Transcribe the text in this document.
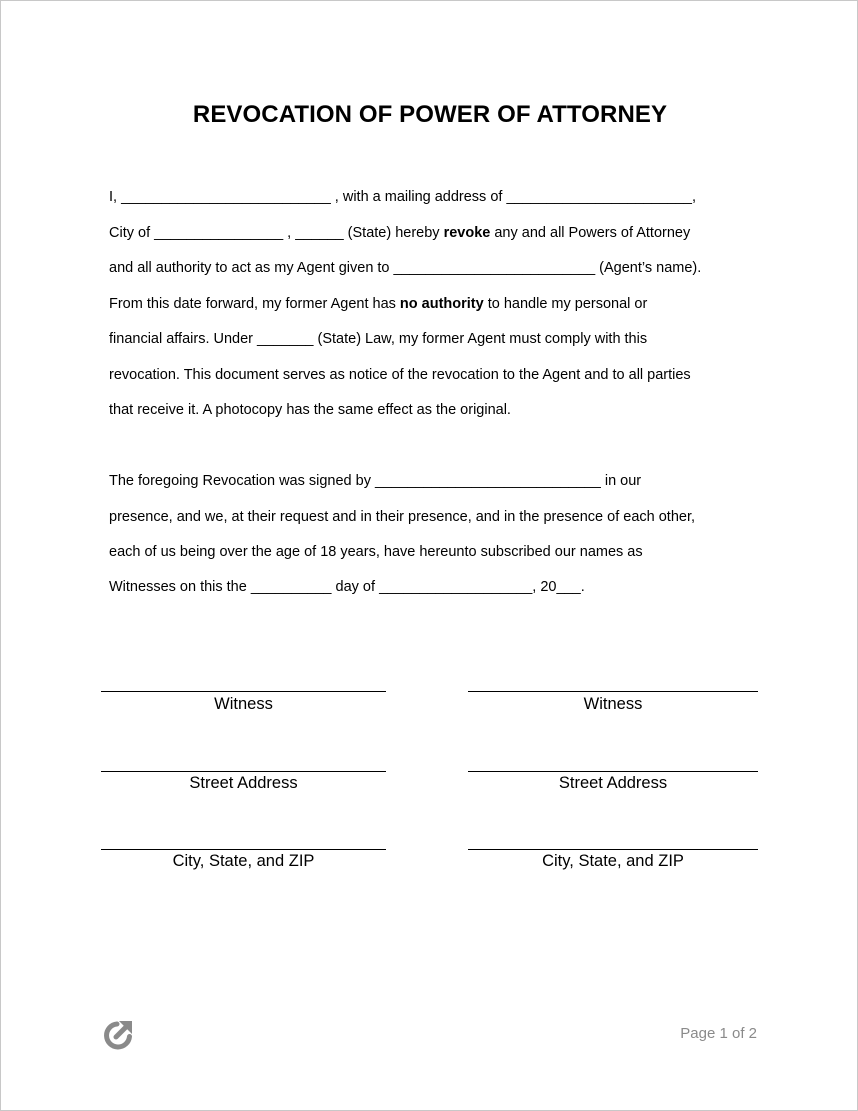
REVOCATION OF POWER OF ATTORNEY
I, __________________________ , with a mailing address of _______________________,
City of ________________ , ______ (State) hereby revoke any and all Powers of Attorney
and all authority to act as my Agent given to _________________________ (Agent’s name).
From this date forward, my former Agent has no authority to handle my personal or
financial affairs. Under _______ (State) Law, my former Agent must comply with this
revocation. This document serves as notice of the revocation to the Agent and to all parties
that receive it. A photocopy has the same effect as the original.
The foregoing Revocation was signed by ____________________________ in our
presence, and we, at their request and in their presence, and in the presence of each other,
each of us being over the age of 18 years, have hereunto subscribed our names as
Witnesses on this the __________ day of ___________________, 20___.
Witness
Street Address
City, State, and ZIP
Witness
Street Address
City, State, and ZIP
Page 1 of 2
